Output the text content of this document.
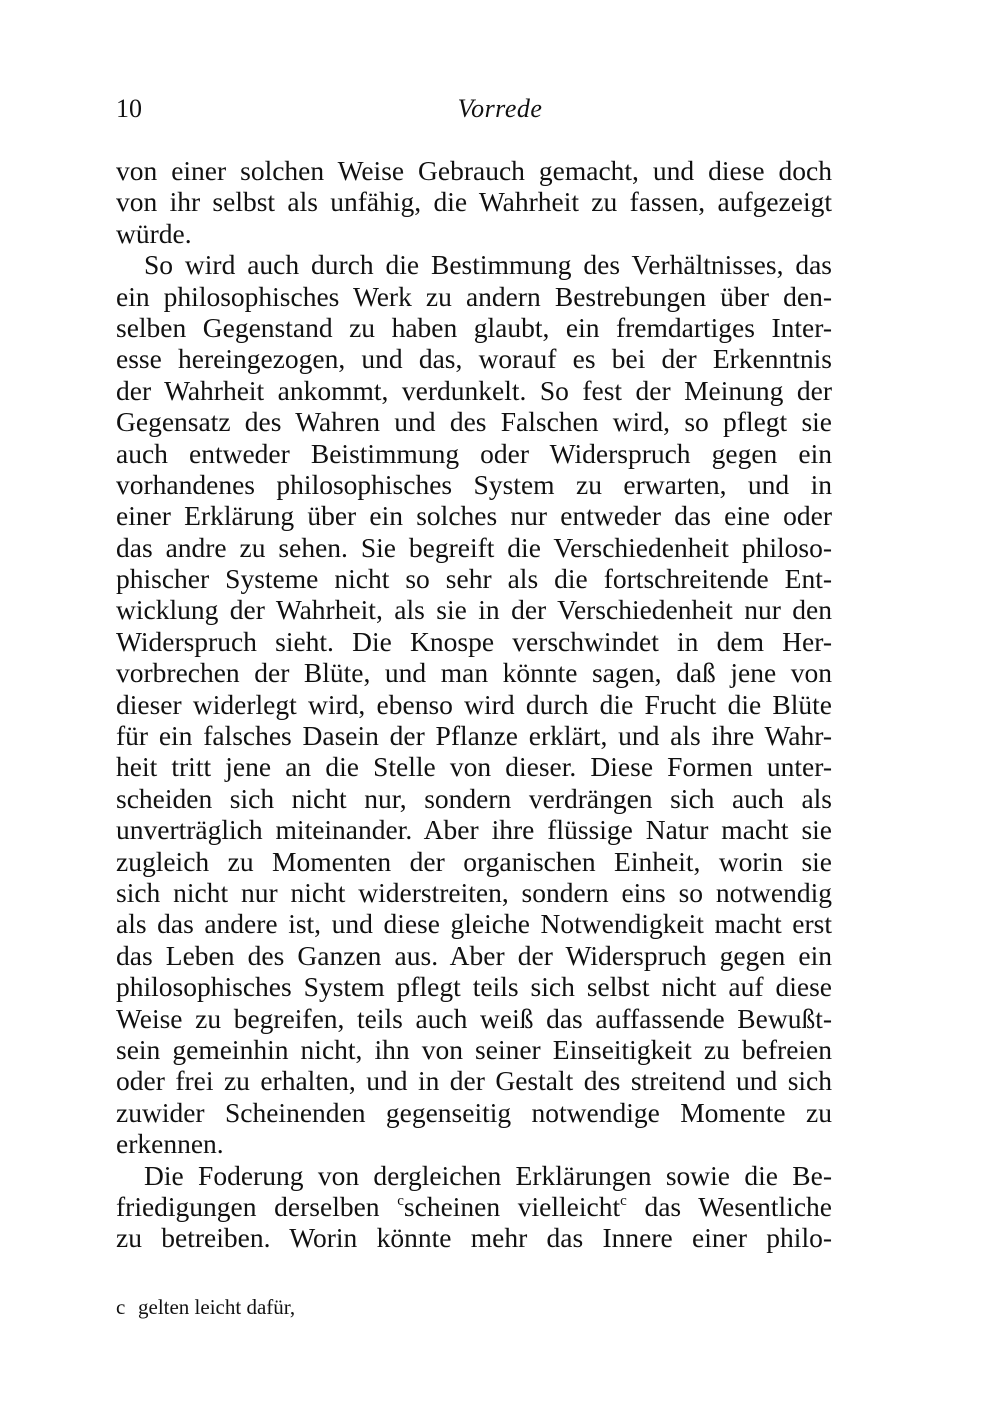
10	Vorrede
von einer solchen Weise Gebrauch gemacht, und diese doch
von ihr selbst als unfähig, die Wahrheit zu fassen, aufgezeigt
würde.
So wird auch durch die Bestimmung des Verhältnisses, das
ein philosophisches Werk zu andern Bestrebungen über den-
selben Gegenstand zu haben glaubt, ein fremdartiges Inter-
esse hereingezogen, und das, worauf es bei der Erkenntnis
der Wahrheit ankommt, verdunkelt. So fest der Meinung der
Gegensatz des Wahren und des Falschen wird, so pflegt sie
auch entweder Beistimmung oder Widerspruch gegen ein
vorhandenes philosophisches System zu erwarten, und in
einer Erklärung über ein solches nur entweder das eine oder
das andre zu sehen. Sie begreift die Verschiedenheit philoso-
phischer Systeme nicht so sehr als die fortschreitende Ent-
wicklung der Wahrheit, als sie in der Verschiedenheit nur den
Widerspruch sieht. Die Knospe verschwindet in dem Her-
vorbrechen der Blüte, und man könnte sagen, daß jene von
dieser widerlegt wird, ebenso wird durch die Frucht die Blüte
für ein falsches Dasein der Pflanze erklärt, und als ihre Wahr-
heit tritt jene an die Stelle von dieser. Diese Formen unter-
scheiden sich nicht nur, sondern verdrängen sich auch als
unverträglich miteinander. Aber ihre flüssige Natur macht sie
zugleich zu Momenten der organischen Einheit, worin sie
sich nicht nur nicht widerstreiten, sondern eins so notwendig
als das andere ist, und diese gleiche Notwendigkeit macht erst
das Leben des Ganzen aus. Aber der Widerspruch gegen ein
philosophisches System pflegt teils sich selbst nicht auf diese
Weise zu begreifen, teils auch weiß das auffassende Bewußt-
sein gemeinhin nicht, ihn von seiner Einseitigkeit zu befreien
oder frei zu erhalten, und in der Gestalt des streitend und sich
zuwider Scheinenden gegenseitig notwendige Momente zu
erkennen.
Die Foderung von dergleichen Erklärungen sowie die Be-
friedigungen derselben $^c$scheinen vielleicht$^c$ das Wesentliche
zu betreiben. Worin könnte mehr das Innere einer philo-
c gelten leicht dafür,
